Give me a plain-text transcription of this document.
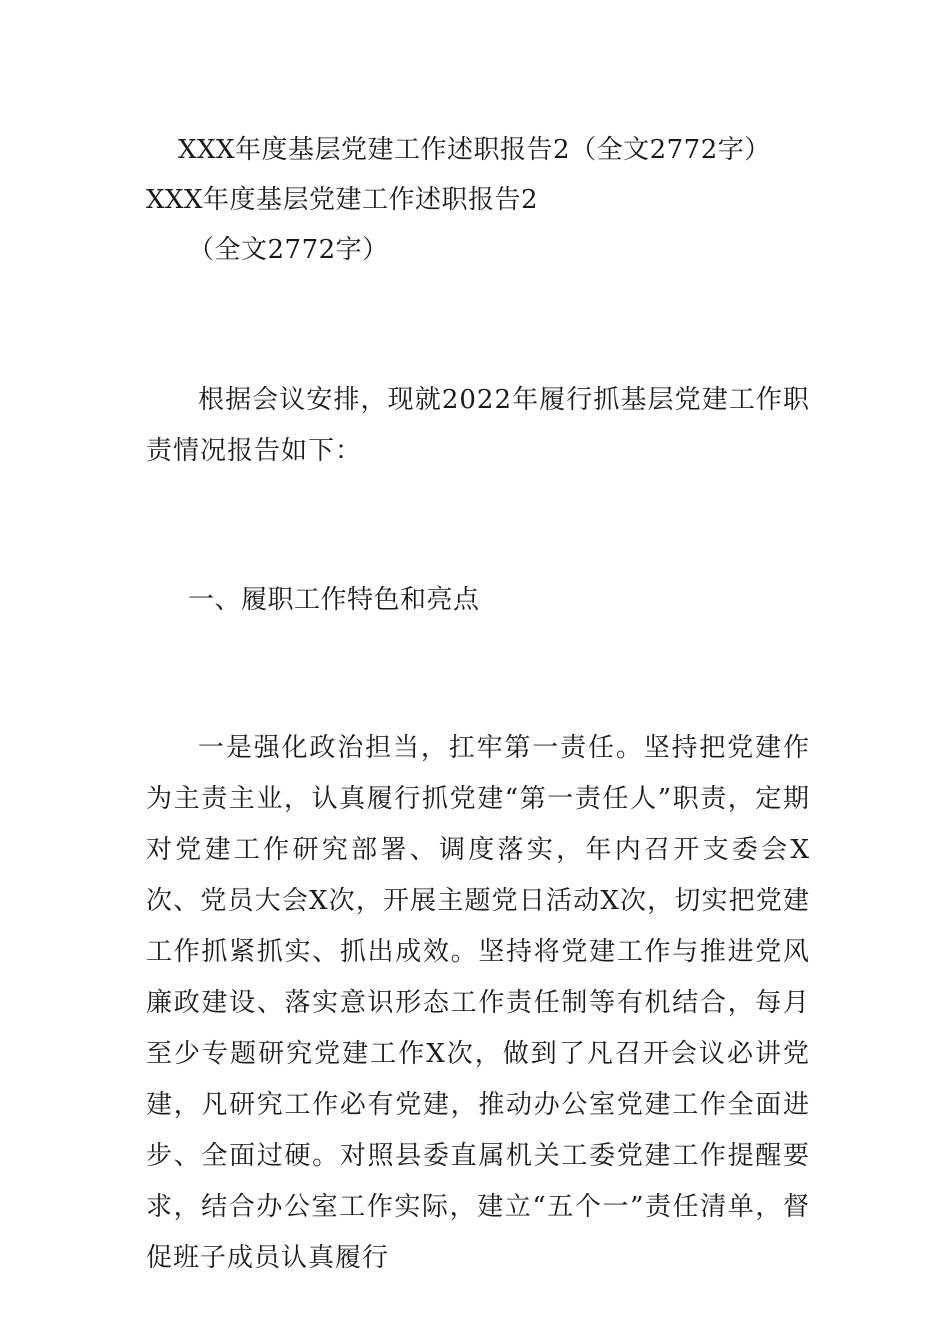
XXX年度基层党建工作述职报告2（全文2772字）
XXX年度基层党建工作述职报告2
（全文2772字）
根据会议安排，现就2022年履行抓基层党建工作职责情况报告如下：
一、履职工作特色和亮点
一是强化政治担当，扛牢第一责任。坚持把党建作为主责主业，认真履行抓党建“第一责任人”职责，定期对党建工作研究部署、调度落实，年内召开支委会X次、党员大会X次，开展主题党日活动X次，切实把党建工作抓紧抓实、抓出成效。坚持将党建工作与推进党风廉政建设、落实意识形态工作责任制等有机结合，每月至少专题研究党建工作X次，做到了凡召开会议必讲党建，凡研究工作必有党建，推动办公室党建工作全面进步、全面过硬。对照县委直属机关工委党建工作提醒要求，结合办公室工作实际，建立“五个一”责任清单，督促班子成员认真履行
